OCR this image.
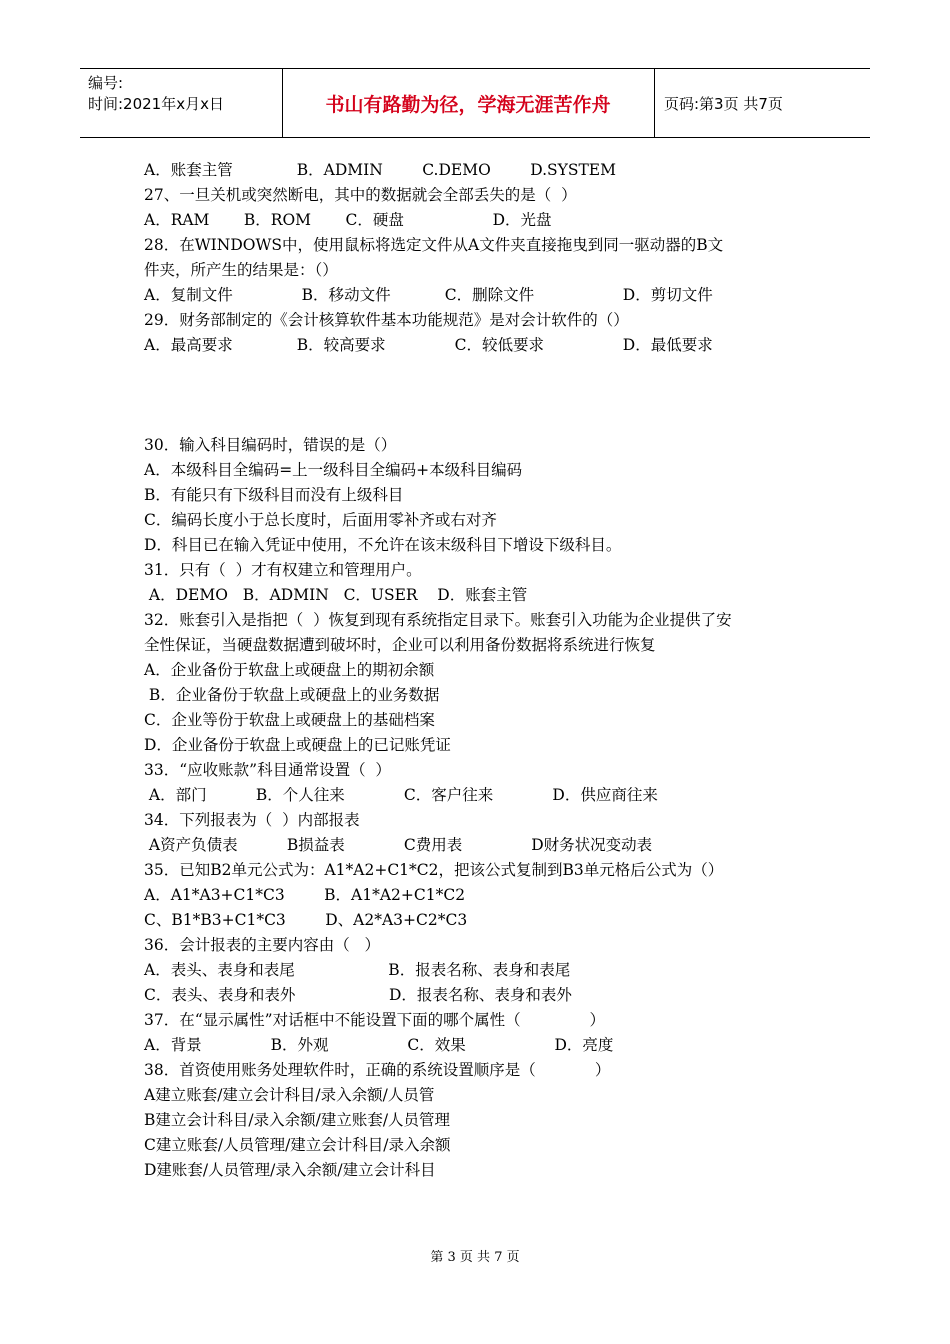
编号:
时间:2021年x月x日	书山有路勤为径，学海无涯苦作舟	页码:第3页 共7页
A．账套主管             B．ADMIN        C.DEMO        D.SYSTEM
27、一旦关机或突然断电，其中的数据就会全部丢失的是（  ）
A．RAM       B．ROM       C．硬盘                  D．光盘
28．在WINDOWS中，使用鼠标将选定文件从A文件夹直接拖曳到同一驱动器的B文
件夹，所产生的结果是：（）
A．复制文件              B．移动文件           C．删除文件                  D．剪切文件
29．财务部制定的《会计核算软件基本功能规范》是对会计软件的（）
A．最高要求             B．较高要求              C．较低要求                D．最低要求
30．输入科目编码时，错误的是（）
A．本级科目全编码=上一级科目全编码+本级科目编码
B．有能只有下级科目而没有上级科目
C．编码长度小于总长度时，后面用零补齐或右对齐
D．科目已在输入凭证中使用，不允许在该末级科目下增设下级科目。
31．只有（  ）才有权建立和管理用户。
A．DEMO   B．ADMIN   C．USER    D．账套主管
32．账套引入是指把（  ）恢复到现有系统指定目录下。账套引入功能为企业提供了安
全性保证，当硬盘数据遭到破坏时，企业可以利用备份数据将系统进行恢复
A．企业备份于软盘上或硬盘上的期初余额
B．企业备份于软盘上或硬盘上的业务数据
C．企业等份于软盘上或硬盘上的基础档案
D．企业备份于软盘上或硬盘上的已记账凭证
33．“应收账款”科目通常设置（  ）
A．部门          B．个人往来            C．客户往来            D．供应商往来
34．下列报表为（  ）内部报表
A资产负债表          B损益表            C费用表              D财务状况变动表
35．已知B2单元公式为：A1*A2+C1*C2，把该公式复制到B3单元格后公式为（）
A．A1*A3+C1*C3        B．A1*A2+C1*C2
C、B1*B3+C1*C3        D、A2*A3+C2*C3
36．会计报表的主要内容由（   ）
A．表头、表身和表尾                   B．报表名称、表身和表尾
C．表头、表身和表外                   D．报表名称、表身和表外
37．在“显示属性”对话框中不能设置下面的哪个属性（              ）
A．背景              B．外观                C．效果                  D．亮度
38．首资使用账务处理软件时，正确的系统设置顺序是（            ）
A建立账套/建立会计科目/录入余额/人员管
B建立会计科目/录入余额/建立账套/人员管理
C建立账套/人员管理/建立会计科目/录入余额
D建账套/人员管理/录入余额/建立会计科目
第 3 页 共 7 页
